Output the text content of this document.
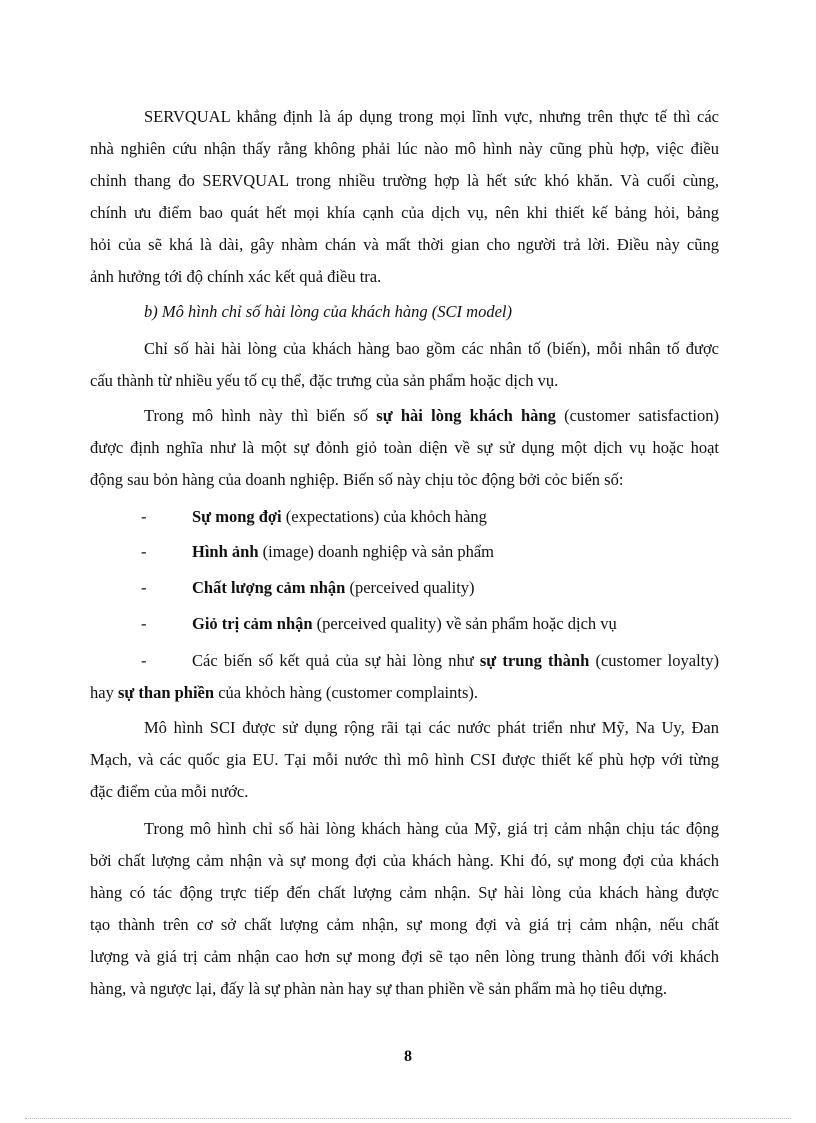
SERVQUAL khẳng định là áp dụng trong mọi lĩnh vực, nhưng trên thực tế thì các
nhà nghiên cứu nhận thấy rằng không phải lúc nào mô hình này cũng phù hợp, việc điều
chỉnh thang đo SERVQUAL trong nhiều trường hợp là hết sức khó khăn. Và cuối cùng,
chính ưu điểm bao quát hết mọi khía cạnh của dịch vụ, nên khi thiết kế bảng hỏi, bảng
hỏi của sẽ khá là dài, gây nhàm chán và mất thời gian cho người trả lời. Điều này cũng
ảnh hưởng tới độ chính xác kết quả điều tra.
b) Mô hình chỉ số hài lòng của khách hàng (SCI model)
Chỉ số hài hài lòng của khách hàng bao gồm các nhân tố (biến), mỗi nhân tố được
cấu thành từ nhiều yếu tố cụ thể, đặc trưng của sản phẩm hoặc dịch vụ.
Trong mô hình này thì biến số sự hài lòng khách hàng (customer satisfaction)
được định nghĩa như là một sự đỏnh giỏ toàn diện về sự sử dụng một dịch vụ hoặc hoạt
động sau bỏn hàng của doanh nghiệp. Biến số này chịu tỏc động bởi cỏc biến số:
-	Sự mong đợi (expectations) của khỏch hàng
-	Hình ảnh (image) doanh nghiệp và sản phẩm
-	Chất lượng cảm nhận (perceived quality)
-	Giỏ trị cảm nhận (perceived quality) về sản phẩm hoặc dịch vụ
-	Các biến số kết quả của sự hài lòng như sự trung thành (customer loyalty)
hay sự than phiền của khỏch hàng (customer complaints).
Mô hình SCI được sử dụng rộng rãi tại các nước phát triển như Mỹ, Na Uy, Đan
Mạch, và các quốc gia EU. Tại mỗi nước thì mô hình CSI được thiết kế phù hợp với từng
đặc điểm của mỗi nước.
Trong mô hình chỉ số hài lòng khách hàng của Mỹ, giá trị cảm nhận chịu tác động
bởi chất lượng cảm nhận và sự mong đợi của khách hàng. Khi đó, sự mong đợi của khách
hàng có tác động trực tiếp đến chất lượng cảm nhận. Sự hài lòng của khách hàng được
tạo thành trên cơ sở chất lượng cảm nhận, sự mong đợi và giá trị cảm nhận, nếu chất
lượng và giá trị cảm nhận cao hơn sự mong đợi sẽ tạo nên lòng trung thành đối với khách
hàng, và ngược lại, đấy là sự phàn nàn hay sự than phiền về sản phẩm mà họ tiêu dựng.
8
